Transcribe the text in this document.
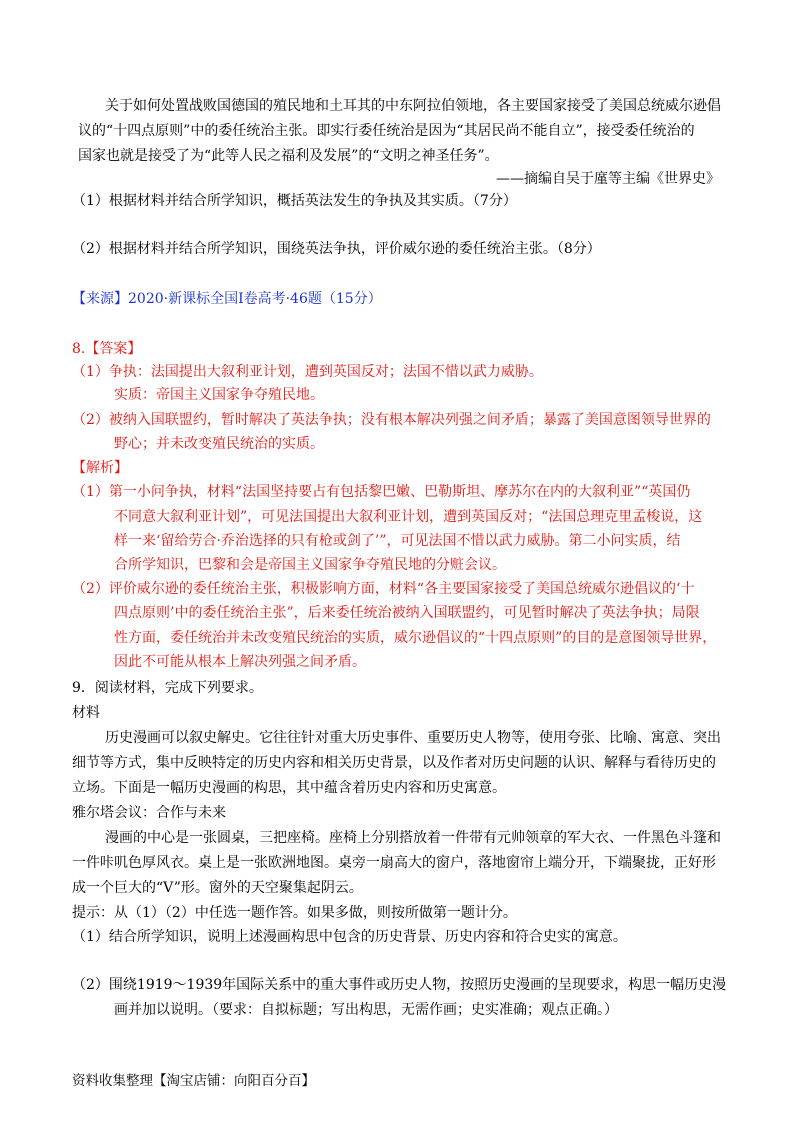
关于如何处置战败国德国的殖民地和土耳其的中东阿拉伯领地，各主要国家接受了美国总统威尔逊倡
议的“十四点原则”中的委任统治主张。即实行委任统治是因为“其居民尚不能自立”，接受委任统治的
国家也就是接受了为“此等人民之福利及发展”的“文明之神圣任务”。
——摘编自吴于廑等主编《世界史》
（1）根据材料并结合所学知识，概括英法发生的争执及其实质。（7分）
（2）根据材料并结合所学知识，围绕英法争执，评价威尔逊的委任统治主张。（8分）
【来源】2020·新课标全国Ⅰ卷高考·46题（15分）
8.【答案】
（1）争执：法国提出大叙利亚计划，遭到英国反对；法国不惜以武力威胁。
实质：帝国主义国家争夺殖民地。
（2）被纳入国联盟约，暂时解决了英法争执；没有根本解决列强之间矛盾；暴露了美国意图领导世界的
野心；并未改变殖民统治的实质。
【解析】
（1）第一小问争执，材料“法国坚持要占有包括黎巴嫩、巴勒斯坦、摩苏尔在内的大叙利亚”“英国仍
不同意大叙利亚计划”，可见法国提出大叙利亚计划，遭到英国反对；“法国总理克里孟梭说，这
样一来‘留给劳合·乔治选择的只有枪或剑了’”，可见法国不惜以武力威胁。第二小问实质，结
合所学知识，巴黎和会是帝国主义国家争夺殖民地的分赃会议。
（2）评价威尔逊的委任统治主张，积极影响方面，材料“各主要国家接受了美国总统威尔逊倡议的‘十
四点原则’中的委任统治主张”，后来委任统治被纳入国联盟约，可见暂时解决了英法争执；局限
性方面，委任统治并未改变殖民统治的实质，威尔逊倡议的“十四点原则”的目的是意图领导世界，
因此不可能从根本上解决列强之间矛盾。
9．阅读材料，完成下列要求。
材料
历史漫画可以叙史解史。它往往针对重大历史事件、重要历史人物等，使用夸张、比喻、寓意、突出
细节等方式，集中反映特定的历史内容和相关历史背景，以及作者对历史问题的认识、解释与看待历史的
立场。下面是一幅历史漫画的构思，其中蕴含着历史内容和历史寓意。
雅尔塔会议：合作与未来
漫画的中心是一张圆桌，三把座椅。座椅上分别搭放着一件带有元帅领章的军大衣、一件黑色斗篷和
一件咔叽色厚风衣。桌上是一张欧洲地图。桌旁一扇高大的窗户，落地窗帘上端分开，下端聚拢，正好形
成一个巨大的“V”形。窗外的天空聚集起阴云。
提示：从（1）（2）中任选一题作答。如果多做，则按所做第一题计分。
（1）结合所学知识，说明上述漫画构思中包含的历史背景、历史内容和符合史实的寓意。
（2）围绕1919～1939年国际关系中的重大事件或历史人物，按照历史漫画的呈现要求，构思一幅历史漫
画并加以说明。（要求：自拟标题；写出构思，无需作画；史实准确；观点正确。）
资料收集整理【淘宝店铺：向阳百分百】
